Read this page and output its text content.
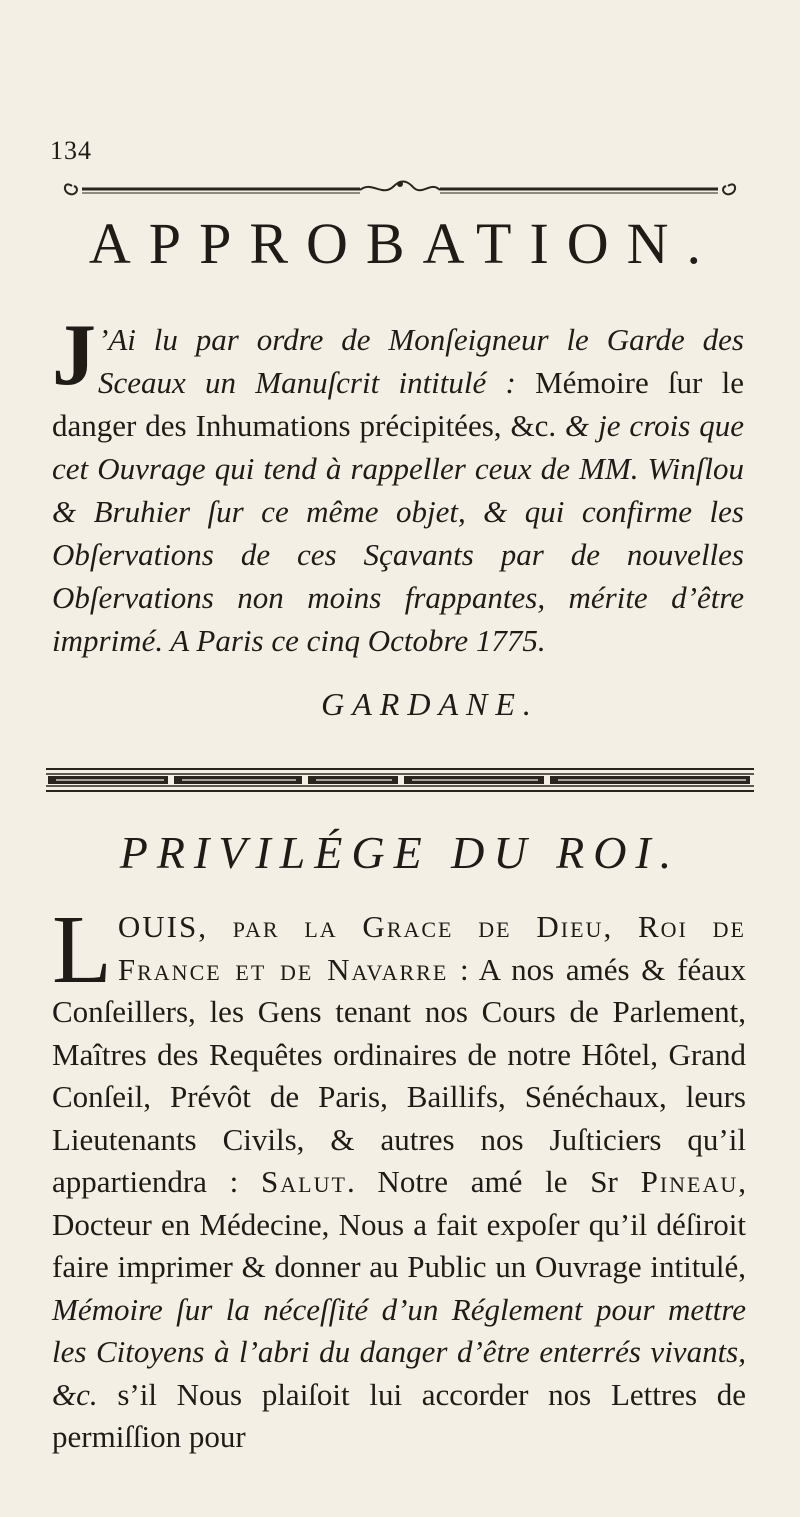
134
APPROBATION.
J ’Ai lu par ordre de Monſeigneur le Garde des Sceaux un Manuſcrit intitulé : Mémoire ſur le danger des Inhumations précipitées, &c. & je crois que cet Ouvrage qui tend à rappeller ceux de MM. Winſlou & Bruhier ſur ce même objet, & qui confirme les Obſervations de ces Sçavants par de nouvelles Obſervations non moins frappantes, mérite d’être imprimé. A Paris ce cinq Octobre 1775.
GARDANE.
PRIVILÉGE DU ROI.
LOUIS, par la Grace de Dieu, Roi de France et de Navarre : A nos amés & féaux Conſeillers, les Gens tenant nos Cours de Parlement, Maîtres des Requêtes ordinaires de notre Hôtel, Grand Conſeil, Prévôt de Paris, Baillifs, Sénéchaux, leurs Lieutenants Civils, & autres nos Juſticiers qu’il appartiendra : Salut. Notre amé le Sr Pineau, Docteur en Médecine, Nous a fait expoſer qu’il déſiroit faire imprimer & donner au Public un Ouvrage intitulé, Mémoire ſur la néceſſité d’un Réglement pour mettre les Citoyens à l’abri du danger d’être enterrés vivants, &c. s’il Nous plaiſoit lui accorder nos Lettres de permiſſion pour
